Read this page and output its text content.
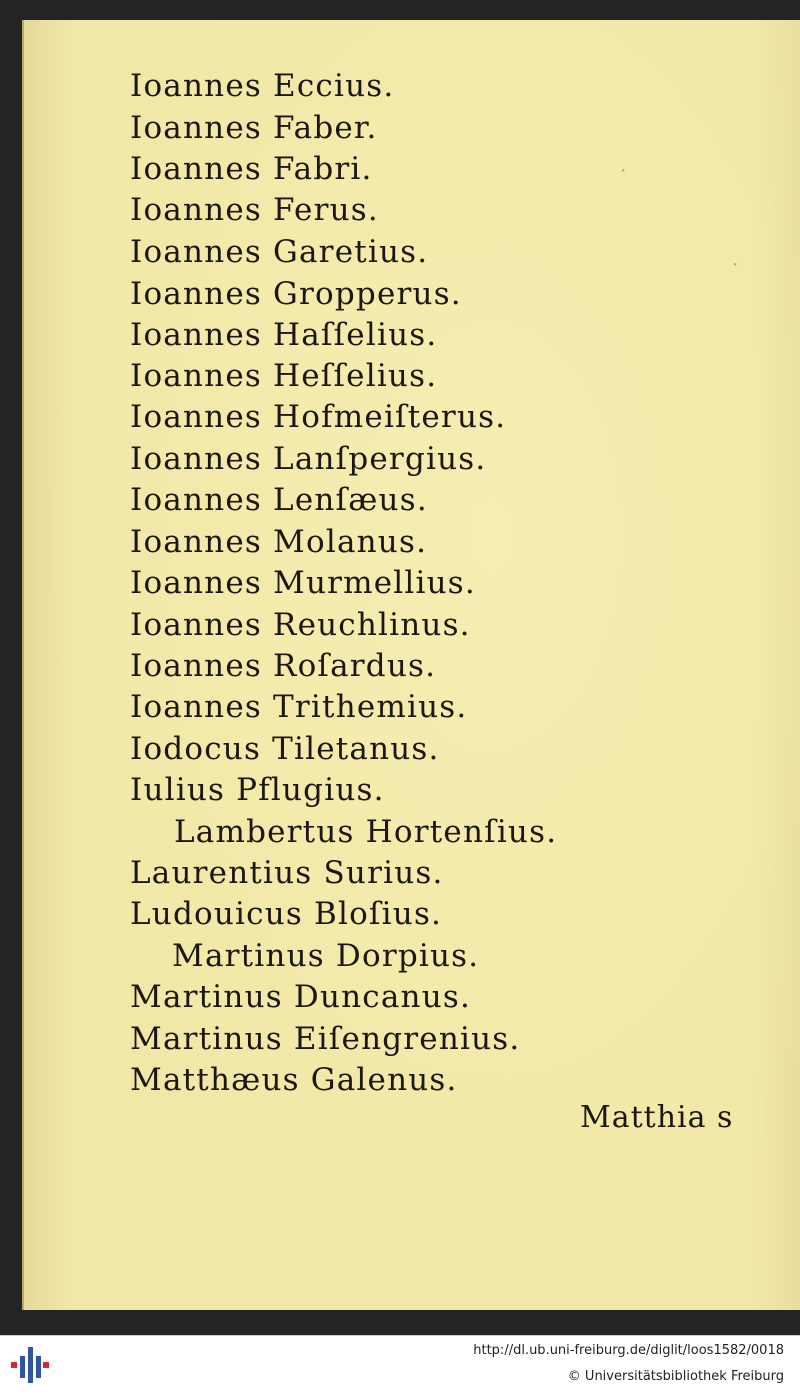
Ioannes Eccius.
Ioannes Faber.
Ioannes Fabri.
Ioannes Ferus.
Ioannes Garetius.
Ioannes Gropperus.
Ioannes Haſſelius.
Ioannes Heſſelius.
Ioannes Hofmeiſterus.
Ioannes Lanſpergius.
Ioannes Lenſæus.
Ioannes Molanus.
Ioannes Murmellius.
Ioannes Reuchlinus.
Ioannes Roſardus.
Ioannes Trithemius.
Iodocus Tiletanus.
Iulius Pflugius.
Lambertus Hortenſius.
Laurentius Surius.
Ludouicus Bloſius.
Martinus Dorpius.
Martinus Duncanus.
Martinus Eiſengrenius.
Matthæus Galenus.
Matthia s
·
·
http://dl.ub.uni-freiburg.de/diglit/loos1582/0018
© Universitätsbibliothek Freiburg
